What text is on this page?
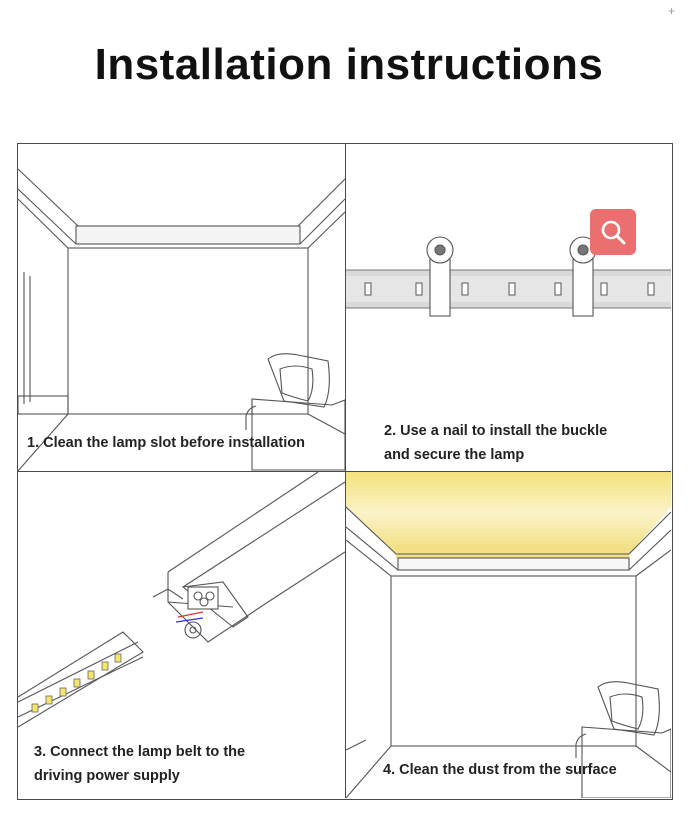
+
Installation instructions
1. Clean the lamp slot before installation
2. Use a nail to install the buckle
and secure the lamp
3. Connect the lamp belt to the
driving power supply	4. Clean the dust from the surface
